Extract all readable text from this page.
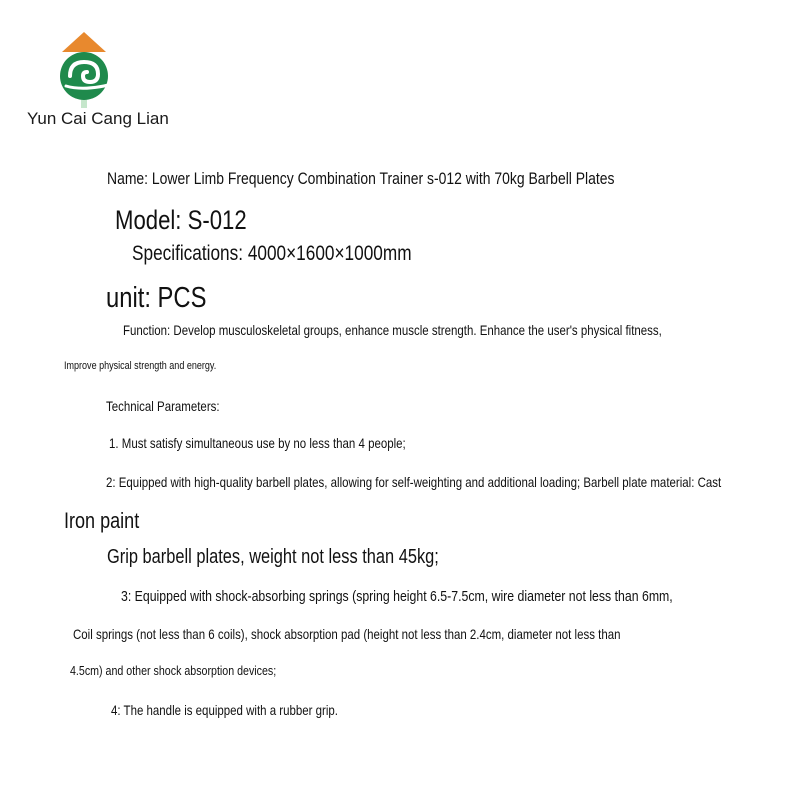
Yun Cai Cang Lian
Name: Lower Limb Frequency Combination Trainer s-012 with 70kg Barbell Plates
Model: S-012
Specifications: 4000×1600×1000mm
unit: PCS
Function: Develop musculoskeletal groups, enhance muscle strength. Enhance the user's physical fitness,
Improve physical strength and energy.
Technical Parameters:
1. Must satisfy simultaneous use by no less than 4 people;
2: Equipped with high-quality barbell plates, allowing for self-weighting and additional loading; Barbell plate material: Cast
Iron paint
Grip barbell plates, weight not less than 45kg;
3: Equipped with shock-absorbing springs (spring height 6.5-7.5cm, wire diameter not less than 6mm,
Coil springs (not less than 6 coils), shock absorption pad (height not less than 2.4cm, diameter not less than
4.5cm) and other shock absorption devices;
4: The handle is equipped with a rubber grip.
